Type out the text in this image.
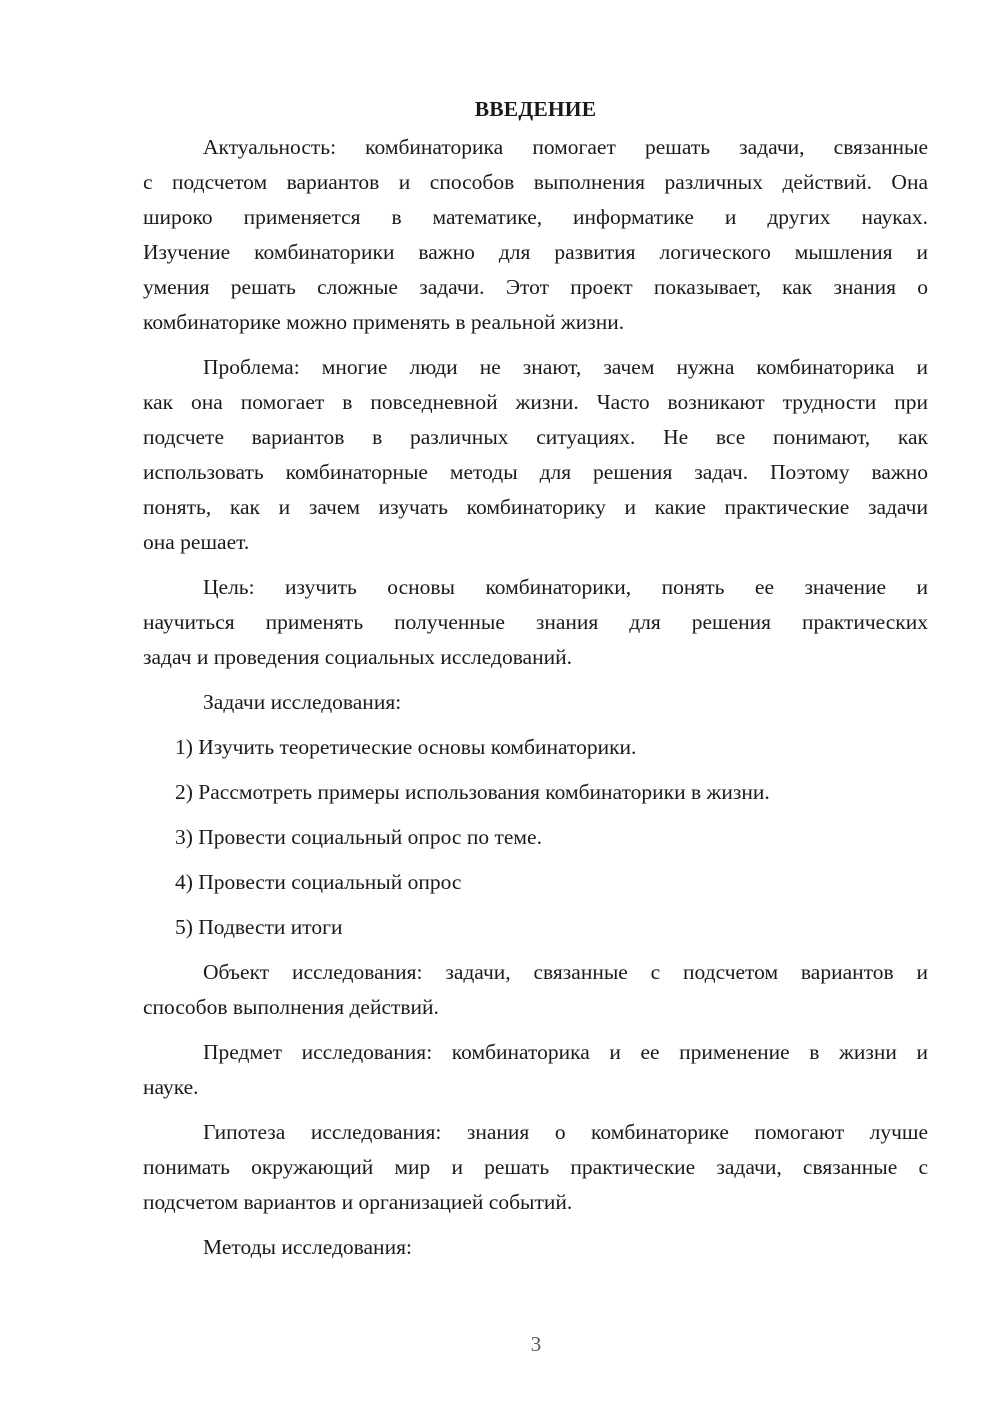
ВВЕДЕНИЕ
Актуальность: комбинаторика помогает решать задачи, связанные
с подсчетом вариантов и способов выполнения различных действий. Она
широко применяется в математике, информатике и других науках.
Изучение комбинаторики важно для развития логического мышления и
умения решать сложные задачи. Этот проект показывает, как знания о
комбинаторике можно применять в реальной жизни.
Проблема: многие люди не знают, зачем нужна комбинаторика и
как она помогает в повседневной жизни. Часто возникают трудности при
подсчете вариантов в различных ситуациях. Не все понимают, как
использовать комбинаторные методы для решения задач. Поэтому важно
понять, как и зачем изучать комбинаторику и какие практические задачи
она решает.
Цель: изучить основы комбинаторики, понять ее значение и
научиться применять полученные знания для решения практических
задач и проведения социальных исследований.
Задачи исследования:
1) Изучить теоретические основы комбинаторики.
2) Рассмотреть примеры использования комбинаторики в жизни.
3) Провести социальный опрос по теме.
4) Провести социальный опрос
5) Подвести итоги
Объект исследования: задачи, связанные с подсчетом вариантов и
способов выполнения действий.
Предмет исследования: комбинаторика и ее применение в жизни и
науке.
Гипотеза исследования: знания о комбинаторике помогают лучше
понимать окружающий мир и решать практические задачи, связанные с
подсчетом вариантов и организацией событий.
Методы исследования:
3
